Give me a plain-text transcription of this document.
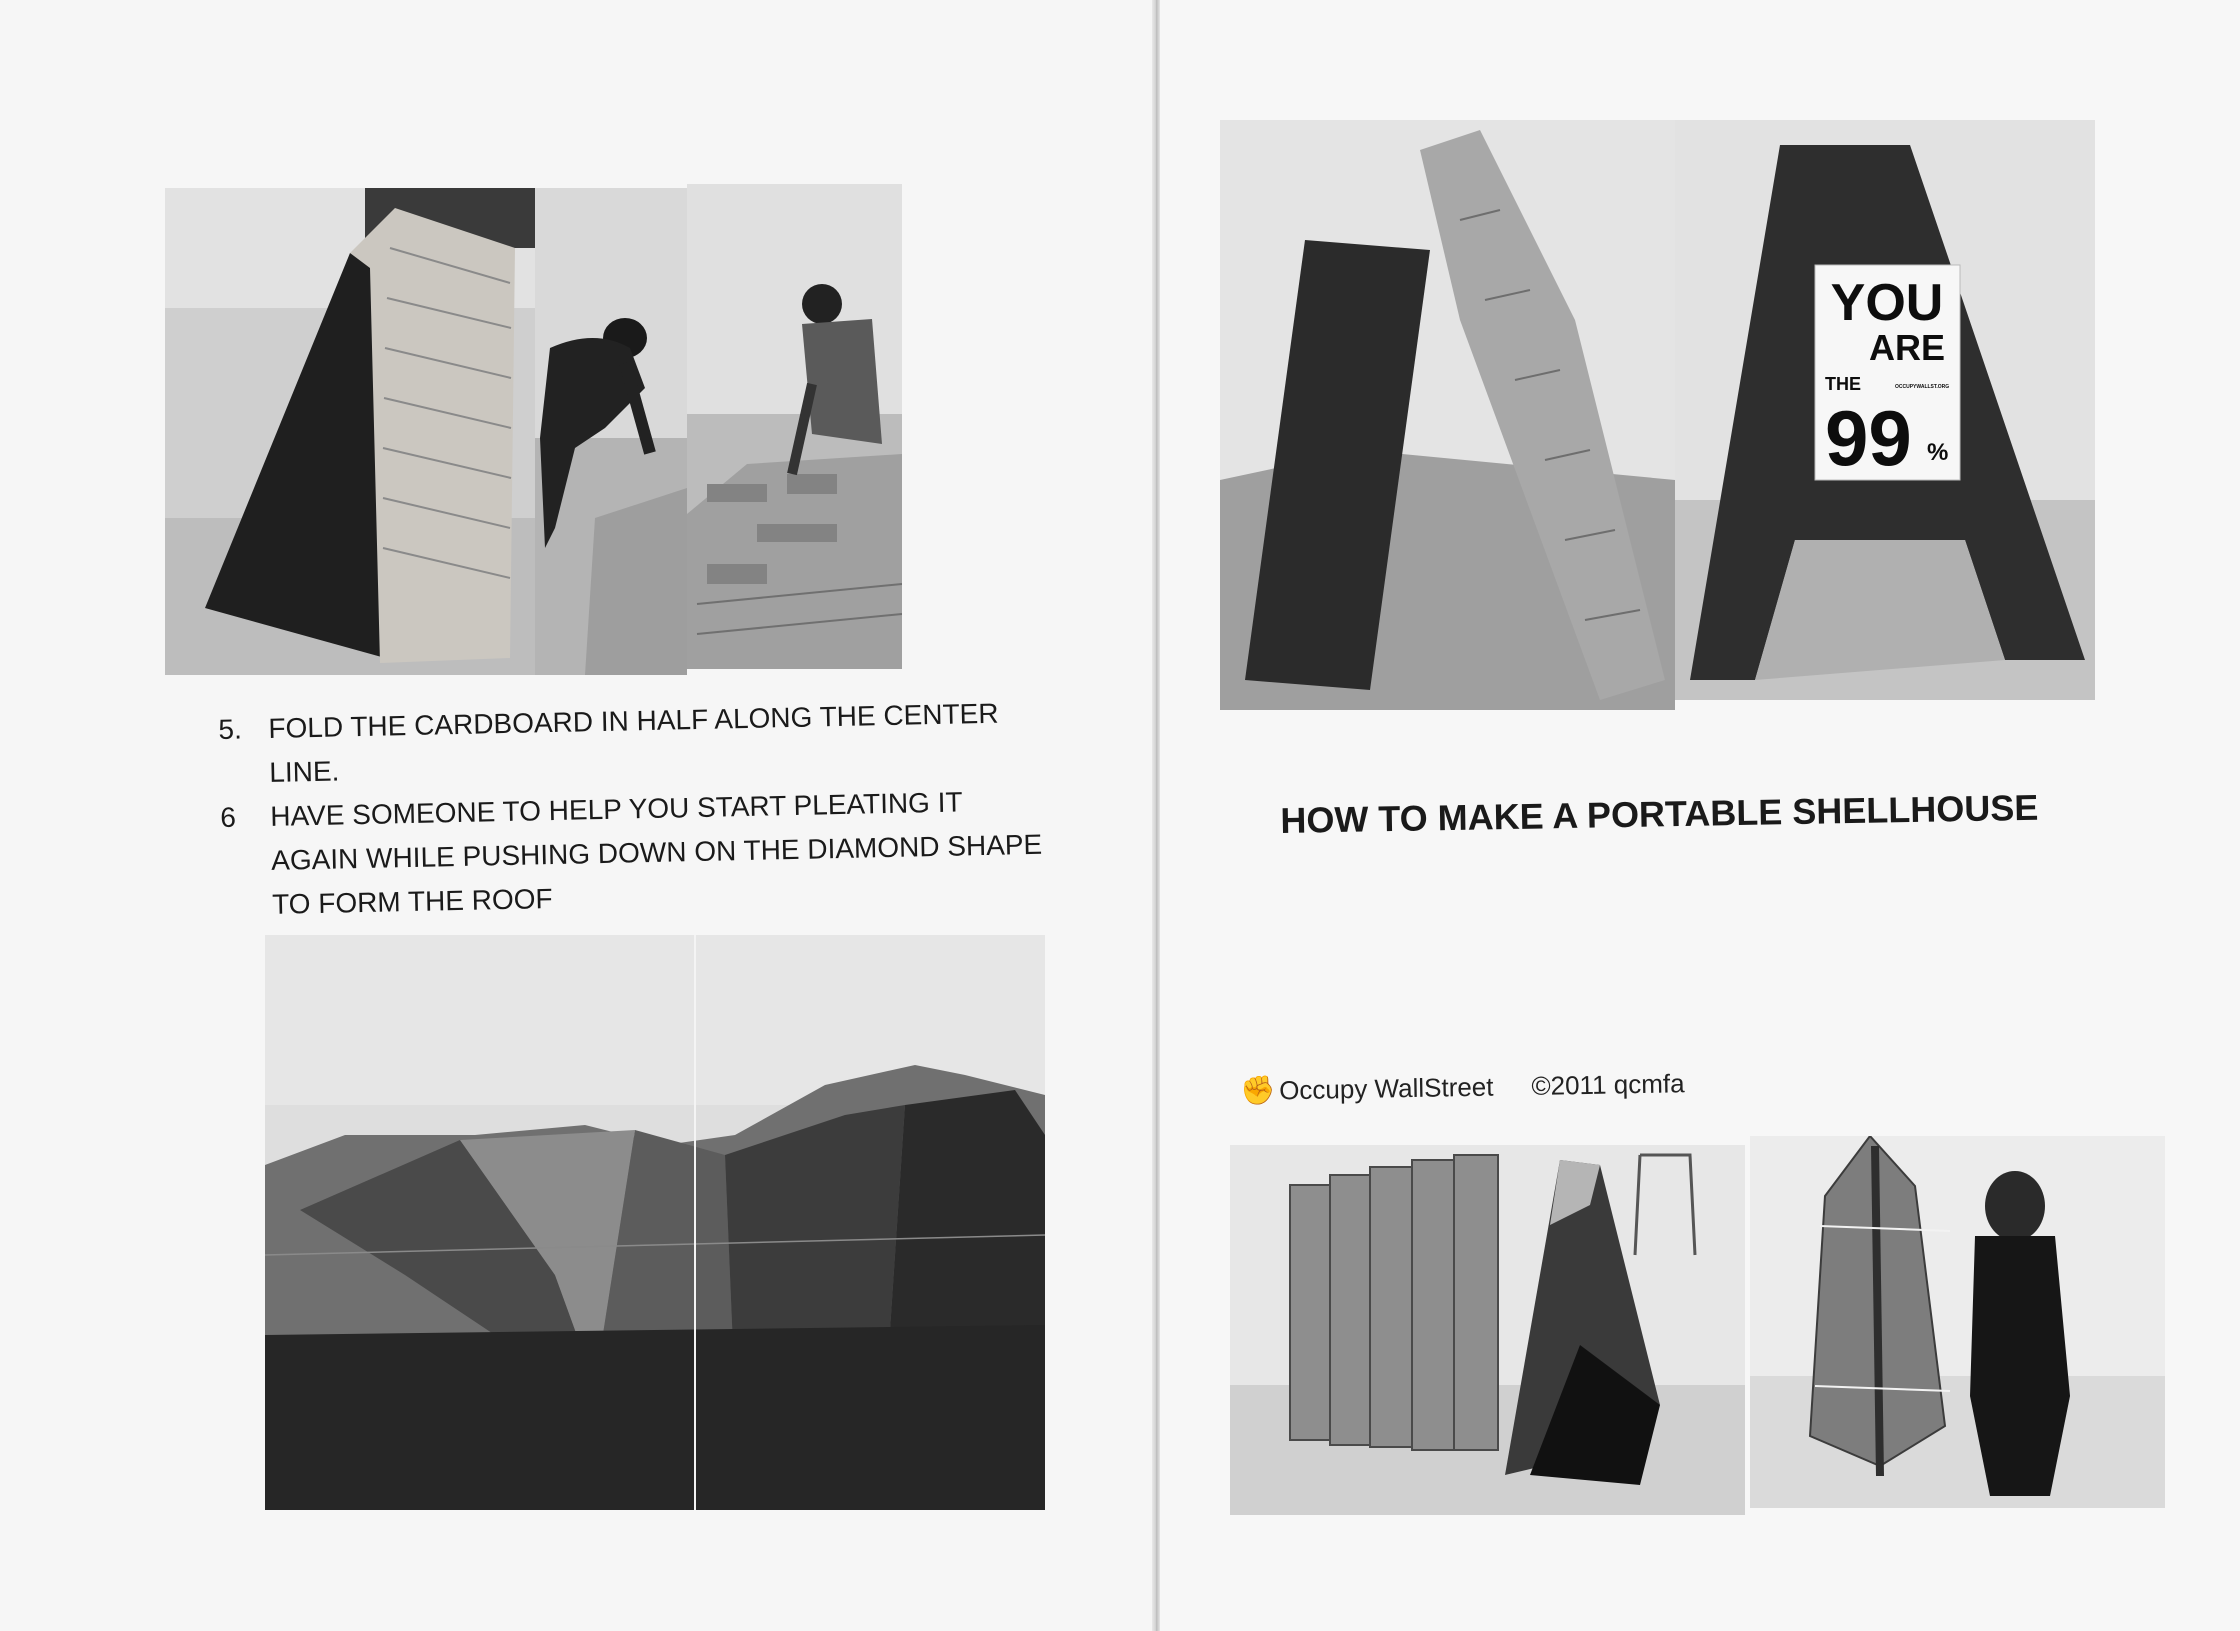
5. FOLD THE CARDBOARD IN HALF ALONG THE CENTER
LINE.
6	HAVE SOMEONE TO HELP YOU START PLEATING IT
AGAIN WHILE PUSHING DOWN ON THE DIAMOND SHAPE
TO FORM THE ROOF
YOU
ARE
THE	OCCUPYWALLST.ORG
99 %
HOW TO MAKE A PORTABLE SHELLHOUSE
✊ Occupy WallStreet ©2011 qcmfa
